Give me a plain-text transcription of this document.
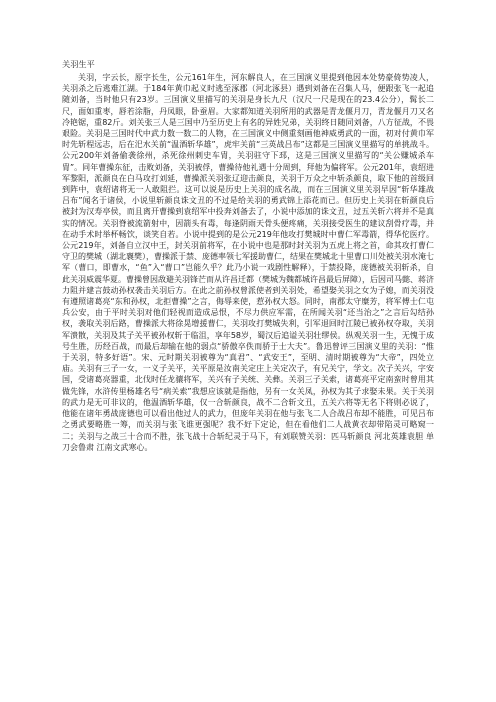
关羽生平

关羽，字云长，原字长生，公元161年生，河东解良人，在三国演义里提到他因本处势豪倚势凌人，关羽杀之后逃难江湖。于184年黄巾起义时逃至涿郡（河北涿县）遇到刘备在召集人马，便跟张飞一起追随刘备，当时他只有23岁。三国演义里描写的关羽是身长九尺（汉尺一尺是现在的23.4公分），髯长二尺，面如重枣，唇若涂脂，丹凤眼，卧蚕眉。大家都知道关羽所用的武器是青龙偃月刀，青龙偃月刀又名冷艳锯，重82斤。刘关张三人是三国中乃至历史上有名的异姓兄弟，关羽终日随同刘备，八方征战，不畏艰险。关羽是三国时代中武力数一数二的人物，在三国演义中侧重刻画他神威勇武的一面，初对付黄巾军时先斩程远志，后在汜水关前“温酒斩华雄”，虎牢关前“三英战吕布”这都是三国演义里描写的单挑战斗。公元200年刘备偷袭徐州，杀死徐州刺史车胄，关羽驻守下邳，这是三国演义里描写的“关公赚城杀车胄”。同年曹操东征，击败刘备，关羽被俘，曹操待他礼遇十分周到，拜他为偏将军。公元201年，袁绍进军黎阳，派颜良在白马攻打刘延，曹操派关羽张辽迎击颜良，关羽于万众之中斩杀颜良，取下他的首级回到阵中，袁绍诸将无一人敢阻拦。这可以说是历史上关羽的成名战，而在三国演义里关羽早因“斩华雄战吕布”闻名于诸侯，小说里斩颜良诛文丑的不过是给关羽的勇武锦上添花而已。但历史上关羽在斩颜良后被封为汉寿亭侯，而且离开曹操到袁绍军中投奔刘备去了，小说中添加的诛文丑，过五关斩六将并不是真实的情况。关羽脊被流箭射中，因箭头有毒，每逢阴雨天骨头便疼痛，关羽接受医生的建议刮骨疗毒，并在动手术时举杯畅饮，谈笑自若。小说中提到的是公元219年他攻打樊城时中曹仁军毒箭，得华佗医疗。公元219年，刘备自立汉中王，封关羽前将军，在小说中也是那时封关羽为五虎上将之首，命其攻打曹仁守卫的樊城（湖北襄樊），曹操派于禁、庞德率领七军援助曹仁，结果在樊城北十里曹口川处被关羽水淹七军（曹口，即曹水，“鱼”入“曹口”岂能久乎？此乃小说一戏剧性解释），于禁投降，庞德被关羽斩杀，自此关羽威震华夏。曹操曾因敌避关羽锋芒而从许昌迁都（樊城为魏都城许昌最后屏障），后因司马懿、蒋济力阻并建言鼓动孙权袭击关羽后方。在此之前孙权曾派使者到关羽处，希望娶关羽之女为子媳，而关羽没有遵照诸葛亮“东和孙权，北拒曹操”之言，侮辱来使，惹孙权大怒。同时，南郡太守糜芳，将军傅士仁屯兵公安，由于平时关羽对他们轻视而造成忌恨，不尽力供应军需，在所闻关羽“还当治之”之言后勾结孙权，袭取关羽后路，曹操派大将徐晃增援曹仁，关羽攻打樊城失利，引军退回时江陵已被孙权夺取，关羽军溃散，关羽及其子关平被孙权斩于临沮，享年58岁，蜀汉后追谥关羽壮缪侯。纵观关羽一生，无愧于成号生胜，历经百战，而最后却输在他的弱点“骄傲卒佚而骄于士大夫”。鲁迅曾评三国演义里的关羽：“惟于关羽，特多好语”。宋、元时期关羽被尊为“真君”、“武安王”，至明、清时期被尊为“大帝”，四处立庙。关羽有三子一女，一义子关平，关平原是汝南关定庄上关定次子，有兄关宁，学文。次子关兴，字安国，受诸葛亮器重，北伐时任龙骧将军，关兴有子关统、关彝。关羽三子关索，诸葛亮平定南蛮时曾用其做先锋，水浒传里杨雄名号“病关索”我想应该就是指他，另有一女关凤，孙权为其子求娶未果。关于关羽的武力是无可非议的，他温酒斩华雄，仅一合斩颜良，战不二合斩文丑，五关六将等无名下将则必说了，他能在诸年勇战庞德也可以看出他过人的武力，但庞年关羽在他与张飞二人合战吕布却不能胜，可见吕布之勇武要略胜一筹，而关羽与张飞谁更强呢？我不好下定论，但在看他们二人战黄衣却带陷灵可略窥一二；关羽与之战三十合而不胜，张飞战十合斩纪灵于马下，有刘联赞关羽：匹马斩颜良 河北英雄袁胆 单刀会鲁肃 江南文武寒心。
